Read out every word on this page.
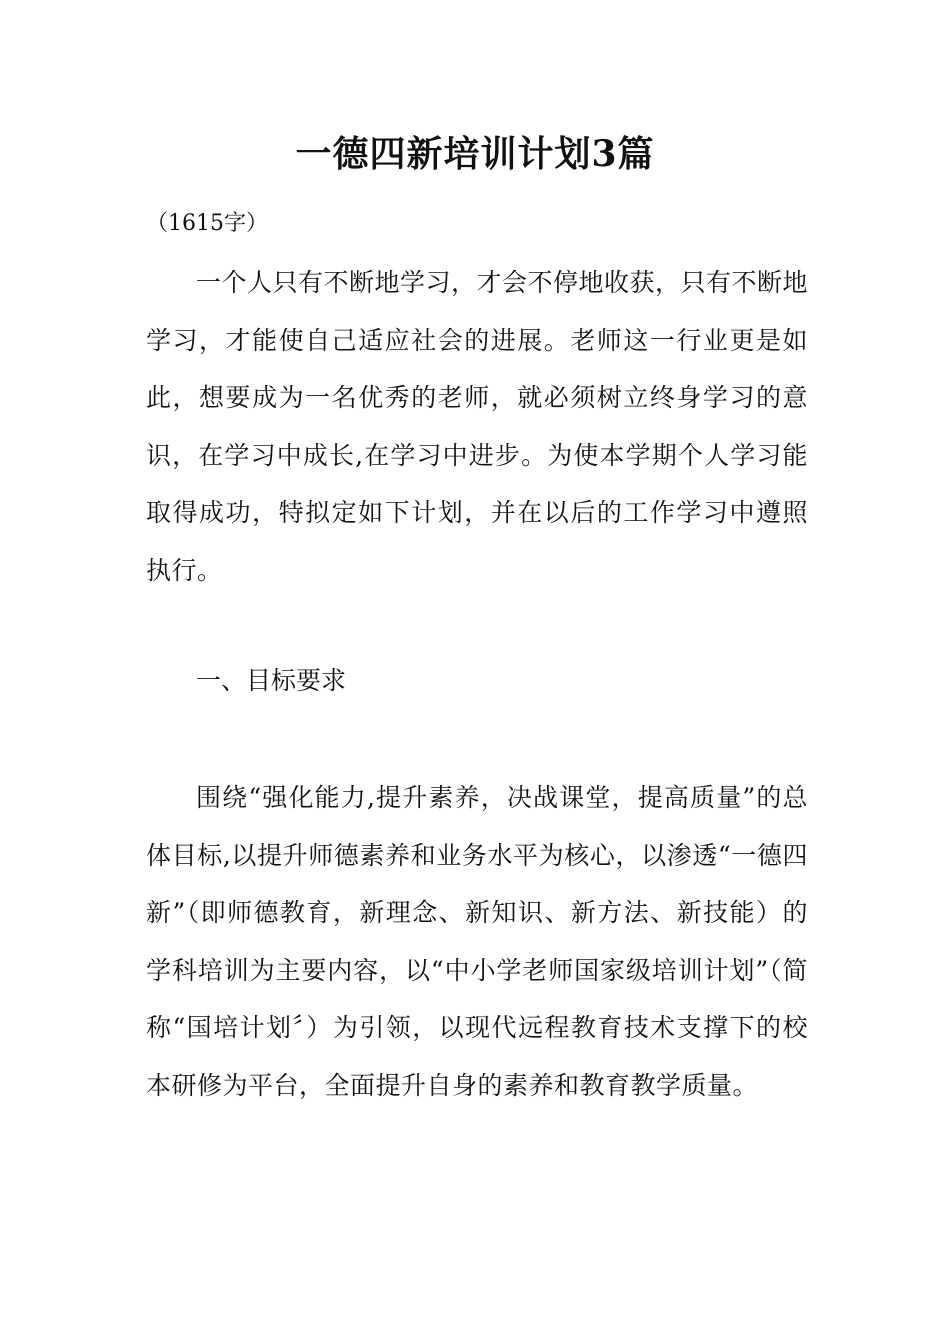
一德四新培训计划3篇

（1615字）

一个人只有不断地学习，才会不停地收获，只有不断地学习，才能使自己适应社会的进展。老师这一行业更是如此，想要成为一名优秀的老师，就必须树立终身学习的意识，在学习中成长,在学习中进步。为使本学期个人学习能取得成功，特拟定如下计划，并在以后的工作学习中遵照执行。

一、目标要求

围绕“强化能力,提升素养，决战课堂，提高质量”的总体目标,以提升师德素养和业务水平为核心，以渗透“一德四新”（即师德教育，新理念、新知识、新方法、新技能）的学科培训为主要内容，以“中小学老师国家级培训计划”（简称“国培计划〞）为引领，以现代远程教育技术支撑下的校本研修为平台，全面提升自身的素养和教育教学质量。
